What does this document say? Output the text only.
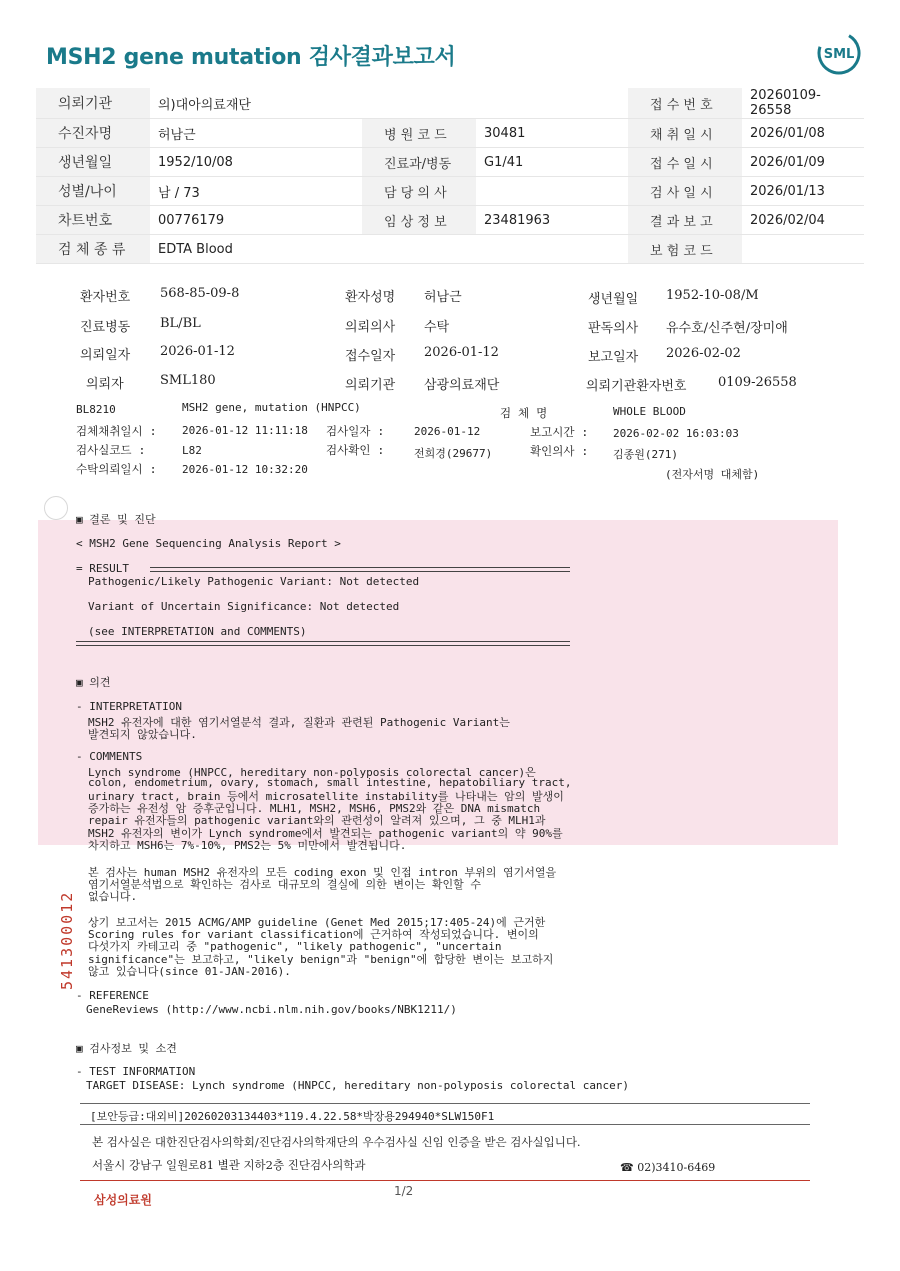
MSH2 gene mutation 검사결과보고서	SML
의뢰기관	의)대아의료재단			접 수 번 호	20260109-26558
수진자명	허남근	병 원 코 드	30481	채 취 일 시	2026/01/08
생년월일	1952/10/08	진료과/병동	G1/41	접 수 일 시	2026/01/09
성별/나이	남 / 73	담 당 의 사		검 사 일 시	2026/01/13
차트번호	00776179	임 상 정 보	23481963	결 과 보 고	2026/02/04
검 체 종 류	EDTA Blood			보 험 코 드	
환자번호 568-85-09-8	환자성명 허남근	생년월일 1952-10-08/M
진료병동 BL/BL	의뢰의사 수탁	판독의사 유수호/신주현/장미애
의뢰일자 2026-01-12	접수일자 2026-01-12	보고일자 2026-02-02
의뢰자	SML180	의뢰기관 삼광의료재단	의뢰기관환자번호 0109-26558
BL8210	MSH2 gene, mutation (HNPCC)	검 체 명	WHOLE BLOOD
검체채취일시 : 2026-01-12 11:11:18 검사일자 :	2026-01-12	보고시간 : 2026-02-02 16:03:03
검사실코드 :	L82	검사확인 :	전희경(29677)	확인의사 : 김종원(271)
수탁의뢰일시 : 2026-01-12 10:32:20	(전자서명 대체함)
▣ 결론 및 진단
< MSH2 Gene Sequencing Analysis Report >
= RESULT
Pathogenic/Likely Pathogenic Variant: Not detected
Variant of Uncertain Significance: Not detected
(see INTERPRETATION and COMMENTS)
▣ 의견
- INTERPRETATION
MSH2 유전자에 대한 염기서열분석 결과, 질환과 관련된 Pathogenic Variant는
발견되지 않았습니다.
- COMMENTS
Lynch syndrome (HNPCC, hereditary non-polyposis colorectal cancer)은
colon, endometrium, ovary, stomach, small intestine, hepatobiliary tract,
urinary tract, brain 등에서 microsatellite instability를 나타내는 암의 발생이
증가하는 유전성 암 증후군입니다. MLH1, MSH2, MSH6, PMS2와 같은 DNA mismatch
repair 유전자들의 pathogenic variant와의 관련성이 알려져 있으며, 그 중 MLH1과
MSH2 유전자의 변이가 Lynch syndrome에서 발견되는 pathogenic variant의 약 90%를
차지하고 MSH6는 7%-10%, PMS2는 5% 미만에서 발견됩니다.
본 검사는 human MSH2 유전자의 모든 coding exon 및 인접 intron 부위의 염기서열을
염기서열분석법으로 확인하는 검사로 대규모의 결실에 의한 변이는 확인할 수
없습니다.
상기 보고서는 2015 ACMG/AMP guideline (Genet Med 2015;17:405-24)에 근거한
Scoring rules for variant classification에 근거하여 작성되었습니다. 변이의
다섯가지 카테고리 중 "pathogenic", "likely pathogenic", "uncertain
significance"는 보고하고, "likely benign"과 "benign"에 합당한 변이는 보고하지
않고 있습니다(since 01-JAN-2016).
- REFERENCE
GeneReviews (http://www.ncbi.nlm.nih.gov/books/NBK1211/)
▣ 검사정보 및 소견
- TEST INFORMATION
TARGET DISEASE: Lynch syndrome (HNPCC, hereditary non-polyposis colorectal cancer)
541300012
[보안등급:대외비]20260203134403*119.4.22.58*박장용294940*SLW150F1
본 검사실은 대한진단검사의학회/진단검사의학재단의 우수검사실 신임 인증을 받은 검사실입니다.
서울시 강남구 일원로81 별관 지하2층 진단검사의학과	☎ 02)3410-6469
삼성의료원
1/2
